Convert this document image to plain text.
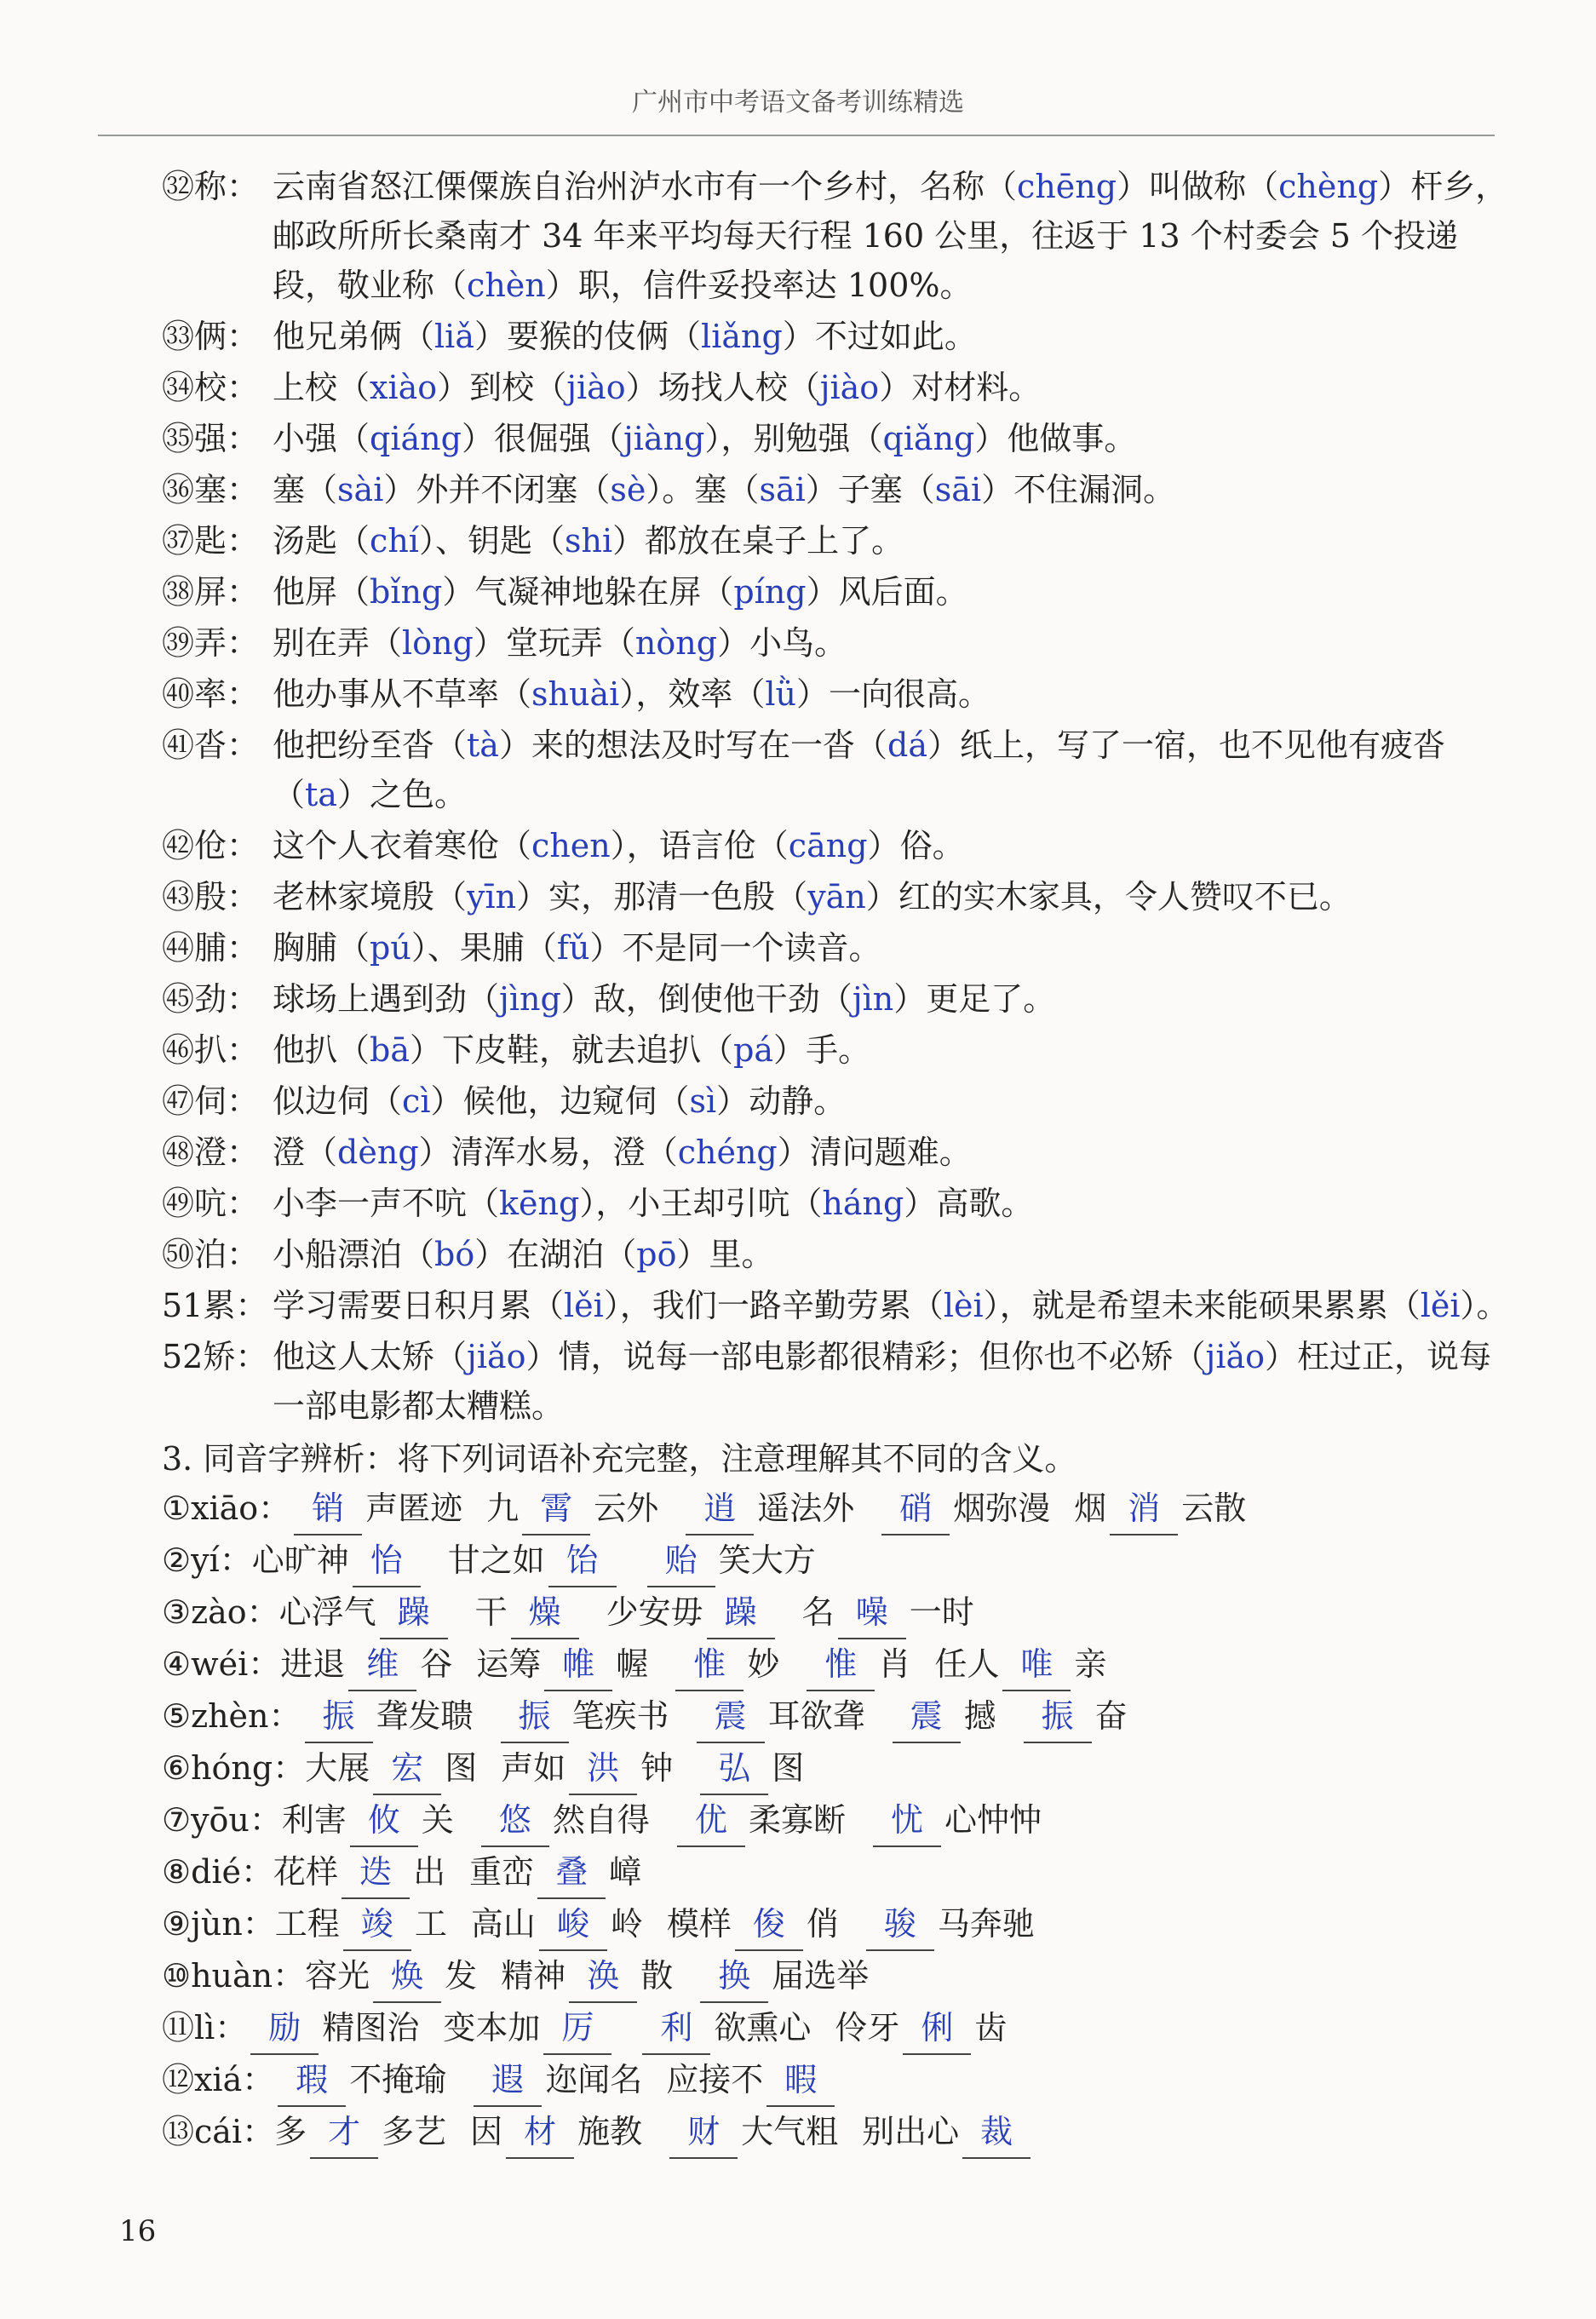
广州市中考语文备考训练精选
㉜称： 云南省怒江傈僳族自治州泸水市有一个乡村，名称（chēng）叫做称（chèng）杆乡，邮政所所长桑南才 34 年来平均每天行程 160 公里，往返于 13 个村委会 5 个投递段，敬业称（chèn）职，信件妥投率达 100%。
㉝俩： 他兄弟俩（liǎ）要猴的伎俩（liǎng）不过如此。
㉞校： 上校（xiào）到校（jiào）场找人校（jiào）对材料。
㉟强： 小强（qiáng）很倔强（jiàng），别勉强（qiǎng）他做事。
㊱塞： 塞（sài）外并不闭塞（sè）。塞（sāi）子塞（sāi）不住漏洞。
㊲匙： 汤匙（chí）、钥匙（shi）都放在桌子上了。
㊳屏： 他屏（bǐng）气凝神地躲在屏（píng）风后面。
㊴弄： 别在弄（lòng）堂玩弄（nòng）小鸟。
㊵率： 他办事从不草率（shuài），效率（lǜ）一向很高。
㊶沓： 他把纷至沓（tà）来的想法及时写在一沓（dá）纸上，写了一宿，也不见他有疲沓（ta）之色。
㊷伧： 这个人衣着寒伧（chen），语言伧（cāng）俗。
㊸殷： 老林家境殷（yīn）实，那清一色殷（yān）红的实木家具，令人赞叹不已。
㊹脯： 胸脯（pú）、果脯（fǔ）不是同一个读音。
㊺劲： 球场上遇到劲（jìng）敌，倒使他干劲（jìn）更足了。
㊻扒： 他扒（bā）下皮鞋，就去追扒（pá）手。
㊼伺： 似边伺（cì）候他，边窥伺（sì）动静。
㊽澄： 澄（dèng）清浑水易，澄（chéng）清问题难。
㊾吭： 小李一声不吭（kēng），小王却引吭（háng）高歌。
㊿泊： 小船漂泊（bó）在湖泊（pō）里。
51累： 学习需要日积月累（lěi），我们一路辛勤劳累（lèi），就是希望未来能硕果累累（lěi）。
52矫： 他这人太矫（jiǎo）情，说每一部电影都很精彩；但你也不必矫（jiǎo）枉过正，说每一部电影都太糟糕。
3. 同音字辨析：将下列词语补充完整，注意理解其不同的含义。
①xiāo： 销 声匿迹 九 霄 云外 逍 遥法外 硝 烟弥漫 烟 消 云散
②yí：心旷神 怡 甘之如 饴 贻 笑大方
③zào：心浮气 躁 干 燥 少安毋 躁 名 噪 一时
④wéi：进退 维 谷 运筹 帷 幄 惟 妙 惟 肖 任人 唯 亲
⑤zhèn： 振 聋发聩 振 笔疾书 震 耳欲聋 震 撼 振 奋
⑥hóng：大展 宏 图 声如 洪 钟 弘 图
⑦yōu：利害 攸 关 悠 然自得 优 柔寡断 忧 心忡忡
⑧dié：花样 迭 出 重峦 叠 嶂
⑨jùn：工程 竣 工 高山 峻 岭 模样 俊 俏 骏 马奔驰
⑩huàn：容光 焕 发 精神 涣 散 换 届选举
⑪lì： 励 精图治 变本加 厉 利 欲熏心 伶牙 俐 齿
⑫xiá： 瑕 不掩瑜 遐 迩闻名 应接不 暇
⑬cái：多 才 多艺 因 材 施教 财 大气粗 别出心 裁
16
